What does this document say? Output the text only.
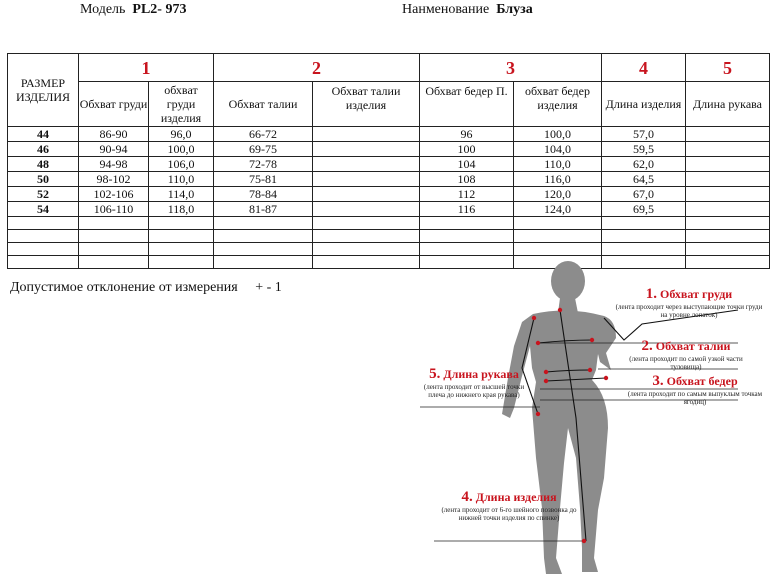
Модель PL2- 973	Нанменование Блуза
РАЗМЕР ИЗДЕЛИЯ	1		2		3		4	5
	Обхват груди	обхват груди изделия	Обхват талии	Обхват талии изделия	Обхват бедер П.	обхват бедер изделия	Длина изделия	Длина рукава
44	86-90	96,0	66-72		96	100,0	57,0	
46	90-94	100,0	69-75		100	104,0	59,5	
48	94-98	106,0	72-78		104	110,0	62,0	
50	98-102	110,0	75-81		108	116,0	64,5	
52	102-106	114,0	78-84		112	120,0	67,0	
54	106-110	118,0	81-87		116	124,0	69,5	

Допустимое отклонение от измерения + - 1	1. Обхват груди
(лента проходит через выступающие точки груди на уровне лопаток)
2. Обхват талии
(лента проходит по самой узкой части туловища)
3. Обхват бедер
(лента проходит по самым выпуклым точкам ягодиц)
4. Длина изделия
(лента проходит от 6-го шейного позвонка до нижней точки изделия по спинке)
5. Длина рукава
(лента проходит от высшей точки плеча до нижнего края рукава)
